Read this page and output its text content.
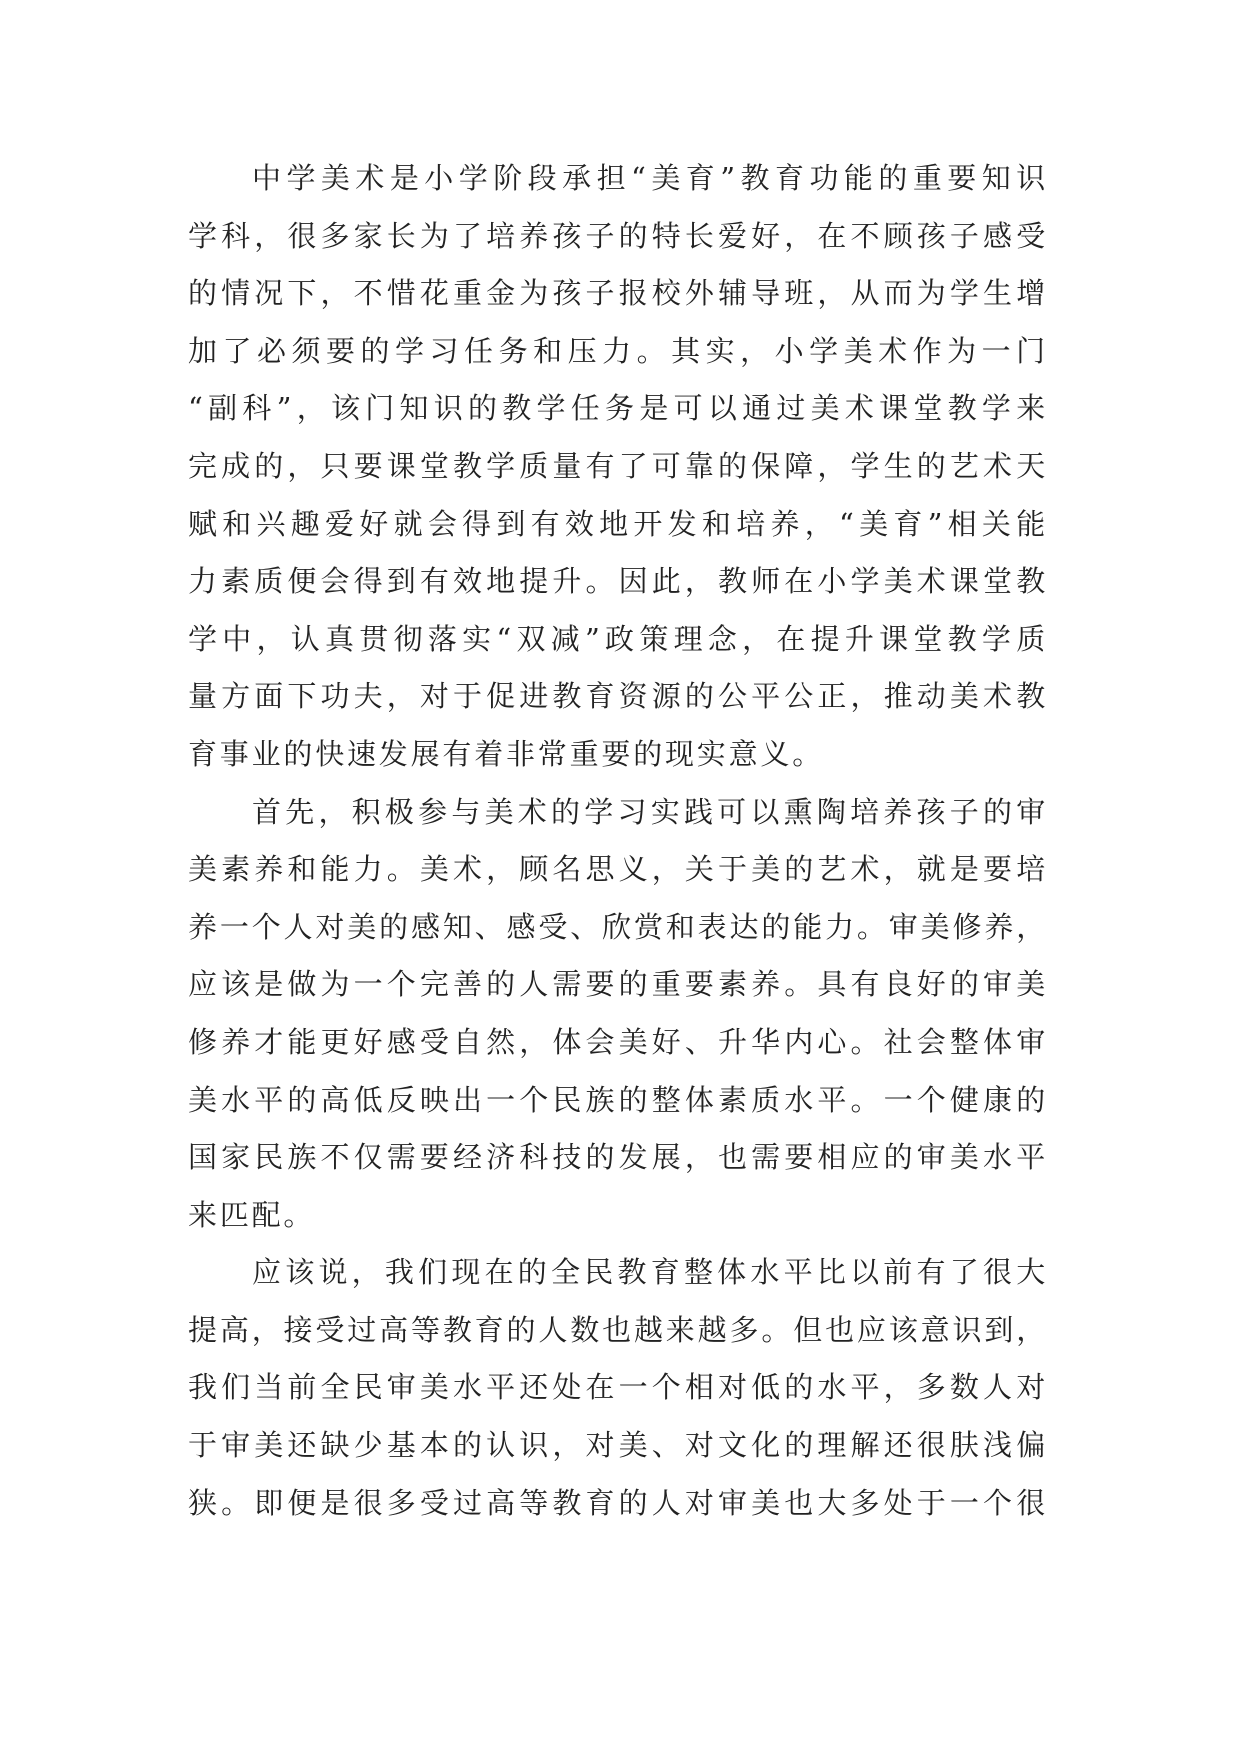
中学美术是小学阶段承担“美育”教育功能的重要知识
学科，很多家长为了培养孩子的特长爱好，在不顾孩子感受
的情况下，不惜花重金为孩子报校外辅导班，从而为学生增
加了必须要的学习任务和压力。其实，小学美术作为一门
“副科”，该门知识的教学任务是可以通过美术课堂教学来
完成的，只要课堂教学质量有了可靠的保障，学生的艺术天
赋和兴趣爱好就会得到有效地开发和培养，“美育”相关能
力素质便会得到有效地提升。因此，教师在小学美术课堂教
学中，认真贯彻落实“双减”政策理念，在提升课堂教学质
量方面下功夫，对于促进教育资源的公平公正，推动美术教
育事业的快速发展有着非常重要的现实意义。
首先，积极参与美术的学习实践可以熏陶培养孩子的审
美素养和能力。美术，顾名思义，关于美的艺术，就是要培
养一个人对美的感知、感受、欣赏和表达的能力。审美修养，
应该是做为一个完善的人需要的重要素养。具有良好的审美
修养才能更好感受自然，体会美好、升华内心。社会整体审
美水平的高低反映出一个民族的整体素质水平。一个健康的
国家民族不仅需要经济科技的发展，也需要相应的审美水平
来匹配。
应该说，我们现在的全民教育整体水平比以前有了很大
提高，接受过高等教育的人数也越来越多。但也应该意识到，
我们当前全民审美水平还处在一个相对低的水平，多数人对
于审美还缺少基本的认识，对美、对文化的理解还很肤浅偏
狭。即便是很多受过高等教育的人对审美也大多处于一个很
